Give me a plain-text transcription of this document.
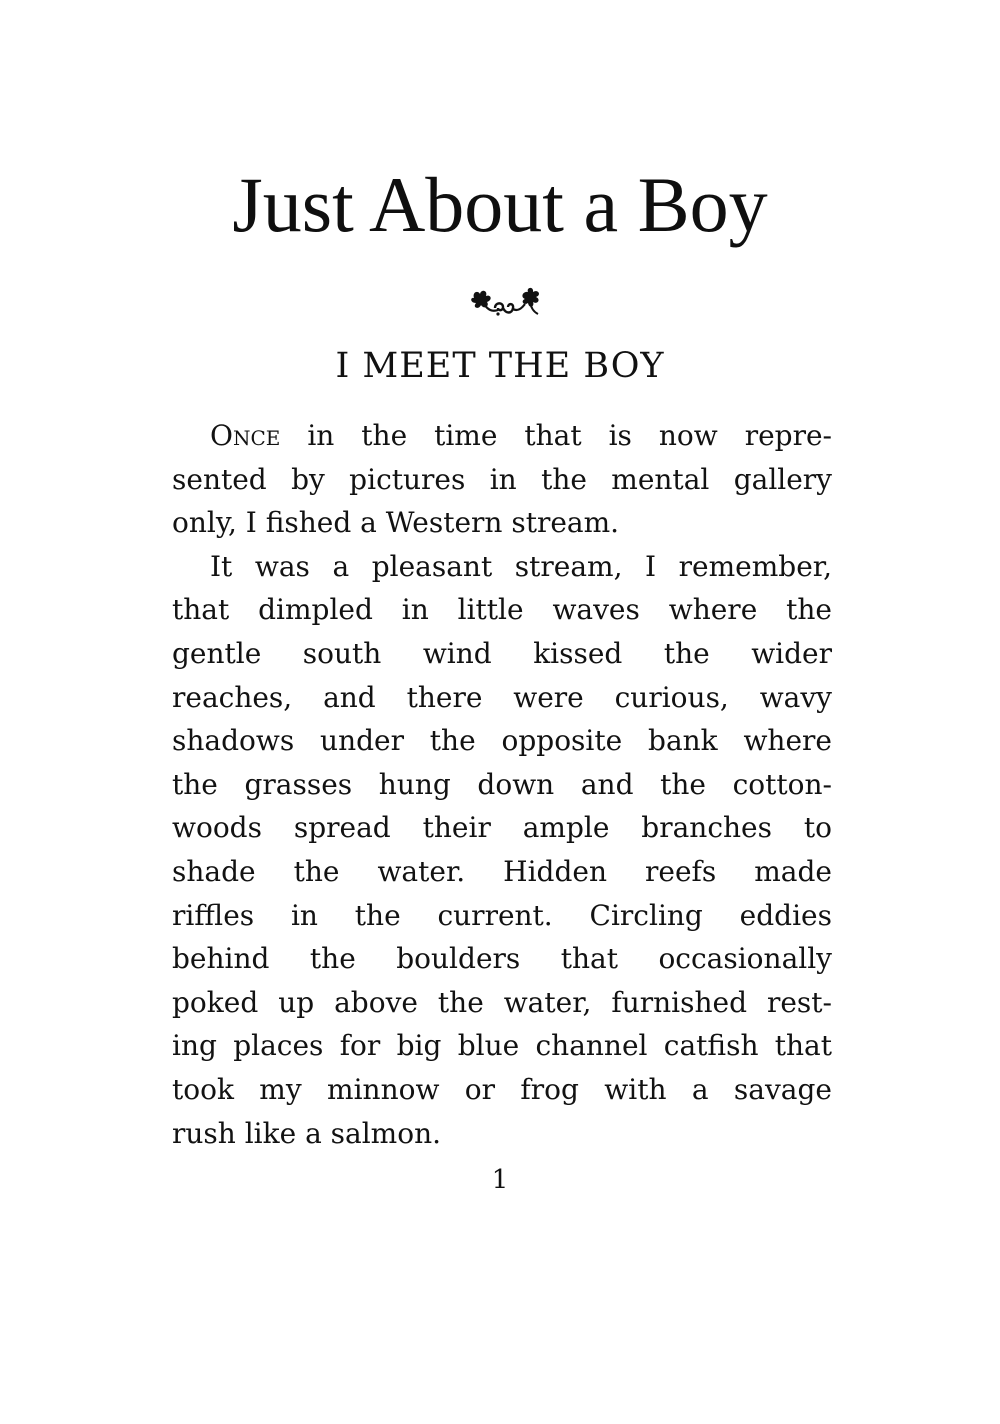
Just About a Boy
I MEET THE BOY
Once in the time that is now repre-
sented by pictures in the mental gallery
only, I fished a Western stream.
It was a pleasant stream, I remember,
that dimpled in little waves where the
gentle south wind kissed the wider
reaches, and there were curious, wavy
shadows under the opposite bank where
the grasses hung down and the cotton-
woods spread their ample branches to
shade the water. Hidden reefs made
riffles in the current. Circling eddies
behind the boulders that occasionally
poked up above the water, furnished rest-
ing places for big blue channel catfish that
took my minnow or frog with a savage
rush like a salmon.
1
